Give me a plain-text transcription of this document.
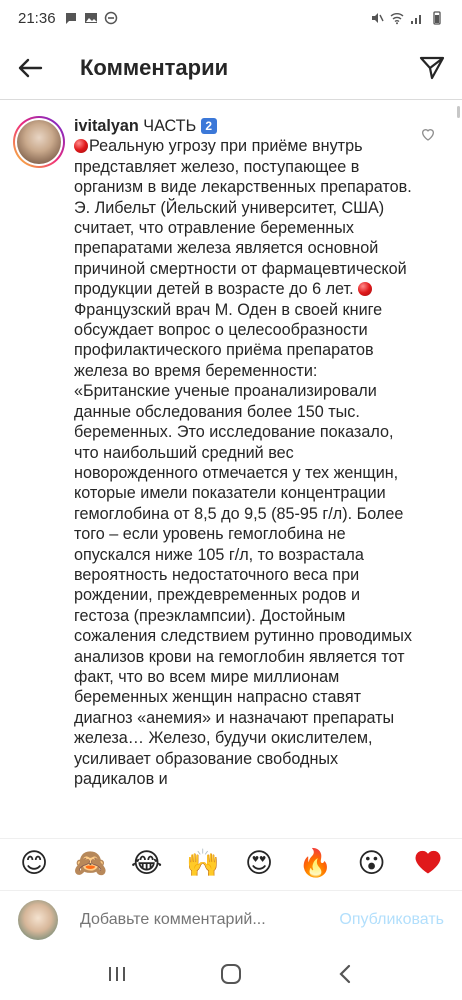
21:36
Комментарии
ivitalyan ЧАСТЬ 2
Реальную угрозу при приёме внутрь представляет железо, поступающее в организм в виде лекарственных препаратов. Э. Либельт (Йельский университет, США) считает, что отравление беременных препаратами железа является основной причиной смертности от фармацевтической продукции детей в возрасте до 6 лет. Французский врач М. Оден в своей книге обсуждает вопрос о целесообразности профилактического приёма препаратов железа во время беременности: «Британские ученые проанализировали данные обследования более 150 тыс. беременных. Это исследование показало, что наибольший средний вес новорожденного отмечается у тех женщин, которые имели показатели концентрации гемоглобина от 8,5 до 9,5 (85-95 г/л). Более того – если уровень гемоглобина не опускался ниже 105 г/л, то возрастала вероятность недостаточного веса при рождении, преждевременных родов и гестоза (преэклампсии). Достойным сожаления следствием рутинно проводимых анализов крови на гемоглобин является тот факт, что во всем мире миллионам беременных женщин напрасно ставят диагноз «анемия» и назначают препараты железа… Железо, будучи окислителем, усиливает образование свободных радикалов и
😊 🙈 😂 🙌 😍 🔥 😮
Добавьте комментарий...
Опубликовать
